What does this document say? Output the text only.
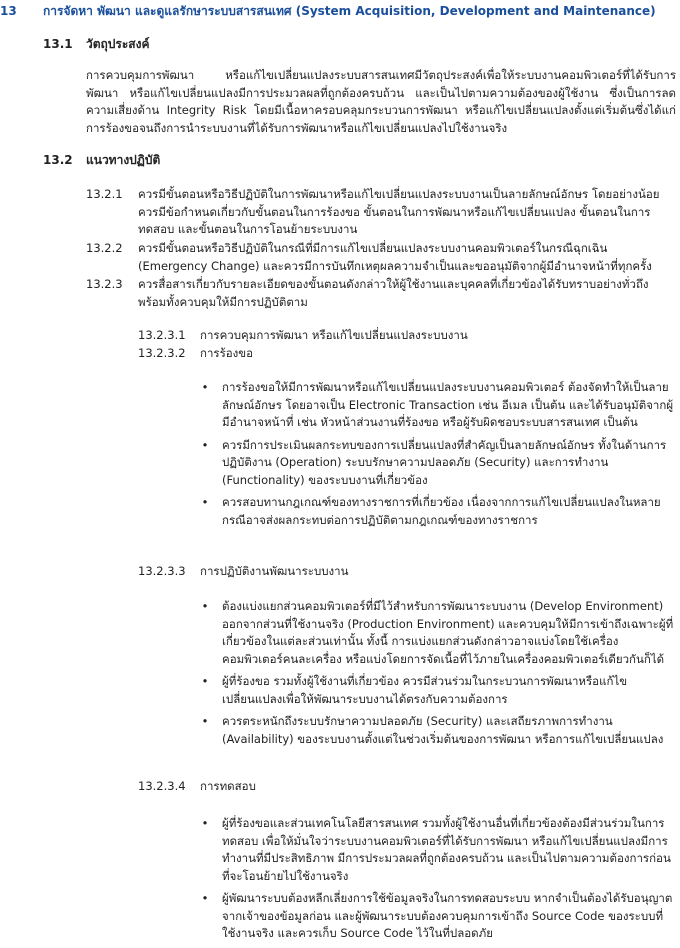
13 การจัดหา พัฒนา และดูแลรักษาระบบสารสนเทศ (System Acquisition, Development and Maintenance)
13.1 วัตถุประสงค์
การควบคุมการพัฒนา หรือแก้ไขเปลี่ยนแปลงระบบสารสนเทศมีวัตถุประสงค์เพื่อให้ระบบงานคอมพิวเตอร์ที่ได้รับการพัฒนา หรือแก้ไขเปลี่ยนแปลงมีการประมวลผลที่ถูกต้องครบถ้วน และเป็นไปตามความต้องของผู้ใช้งาน ซึ่งเป็นการลดความเสี่ยงด้าน Integrity Risk โดยมีเนื้อหาครอบคลุมกระบวนการพัฒนา หรือแก้ไขเปลี่ยนแปลงตั้งแต่เริ่มต้นซึ่งได้แก่การร้องขอจนถึงการนำระบบงานที่ได้รับการพัฒนาหรือแก้ไขเปลี่ยนแปลงไปใช้งานจริง
13.2 แนวทางปฏิบัติ
13.2.1 ควรมีขั้นตอนหรือวิธีปฏิบัติในการพัฒนาหรือแก้ไขเปลี่ยนแปลงระบบงานเป็นลายลักษณ์อักษร โดยอย่างน้อยควรมีข้อกำหนดเกี่ยวกับขั้นตอนในการร้องขอ ขั้นตอนในการพัฒนาหรือแก้ไขเปลี่ยนแปลง ขั้นตอนในการทดสอบ และขั้นตอนในการโอนย้ายระบบงาน
13.2.2 ควรมีขั้นตอนหรือวิธีปฏิบัติในกรณีที่มีการแก้ไขเปลี่ยนแปลงระบบงานคอมพิวเตอร์ในกรณีฉุกเฉิน (Emergency Change) และควรมีการบันทึกเหตุผลความจำเป็นและขออนุมัติจากผู้มีอำนาจหน้าที่ทุกครั้ง
13.2.3 ควรสื่อสารเกี่ยวกับรายละเอียดของขั้นตอนดังกล่าวให้ผู้ใช้งานและบุคคลที่เกี่ยวข้องได้รับทราบอย่างทั่วถึงพร้อมทั้งควบคุมให้มีการปฏิบัติตาม
13.2.3.1 การควบคุมการพัฒนา หรือแก้ไขเปลี่ยนแปลงระบบงาน
13.2.3.2 การร้องขอ
• การร้องขอให้มีการพัฒนาหรือแก้ไขเปลี่ยนแปลงระบบงานคอมพิวเตอร์ ต้องจัดทำให้เป็นลายลักษณ์อักษร โดยอาจเป็น Electronic Transaction เช่น อีเมล เป็นต้น และได้รับอนุมัติจากผู้มีอำนาจหน้าที่ เช่น หัวหน้าส่วนงานที่ร้องขอ หรือผู้รับผิดชอบระบบสารสนเทศ เป็นต้น
• ควรมีการประเมินผลกระทบของการเปลี่ยนแปลงที่สำคัญเป็นลายลักษณ์อักษร ทั้งในด้านการปฏิบัติงาน (Operation) ระบบรักษาความปลอดภัย (Security) และการทำงาน (Functionality) ของระบบงานที่เกี่ยวข้อง
• ควรสอบทานกฎเกณฑ์ของทางราชการที่เกี่ยวข้อง เนื่องจากการแก้ไขเปลี่ยนแปลงในหลายกรณีอาจส่งผลกระทบต่อการปฏิบัติตามกฎเกณฑ์ของทางราชการ
13.2.3.3 การปฏิบัติงานพัฒนาระบบงาน
• ต้องแบ่งแยกส่วนคอมพิวเตอร์ที่มีไว้สำหรับการพัฒนาระบบงาน (Develop Environment) ออกจากส่วนที่ใช้งานจริง (Production Environment) และควบคุมให้มีการเข้าถึงเฉพาะผู้ที่เกี่ยวข้องในแต่ละส่วนเท่านั้น ทั้งนี้ การแบ่งแยกส่วนดังกล่าวอาจแบ่งโดยใช้เครื่องคอมพิวเตอร์คนละเครื่อง หรือแบ่งโดยการจัดเนื้อที่ไว้ภายในเครื่องคอมพิวเตอร์เดียวกันก็ได้
• ผู้ที่ร้องขอ รวมทั้งผู้ใช้งานที่เกี่ยวข้อง ควรมีส่วนร่วมในกระบวนการพัฒนาหรือแก้ไขเปลี่ยนแปลงเพื่อให้พัฒนาระบบงานได้ตรงกับความต้องการ
• ควรตระหนักถึงระบบรักษาความปลอดภัย (Security) และเสถียรภาพการทำงาน (Availability) ของระบบงานตั้งแต่ในช่วงเริ่มต้นของการพัฒนา หรือการแก้ไขเปลี่ยนแปลง
13.2.3.4 การทดสอบ
• ผู้ที่ร้องขอและส่วนเทคโนโลยีสารสนเทศ รวมทั้งผู้ใช้งานอื่นที่เกี่ยวข้องต้องมีส่วนร่วมในการทดสอบ เพื่อให้มั่นใจว่าระบบงานคอมพิวเตอร์ที่ได้รับการพัฒนา หรือแก้ไขเปลี่ยนแปลงมีการทำงานที่มีประสิทธิภาพ มีการประมวลผลที่ถูกต้องครบถ้วน และเป็นไปตามความต้องการก่อนที่จะโอนย้ายไปใช้งานจริง
• ผู้พัฒนาระบบต้องหลีกเลี่ยงการใช้ข้อมูลจริงในการทดสอบระบบ หากจำเป็นต้องได้รับอนุญาตจากเจ้าของข้อมูลก่อน และผู้พัฒนาระบบต้องควบคุมการเข้าถึง Source Code ของระบบที่ใช้งานจริง และควรเก็บ Source Code ไว้ในที่ปลอดภัย
